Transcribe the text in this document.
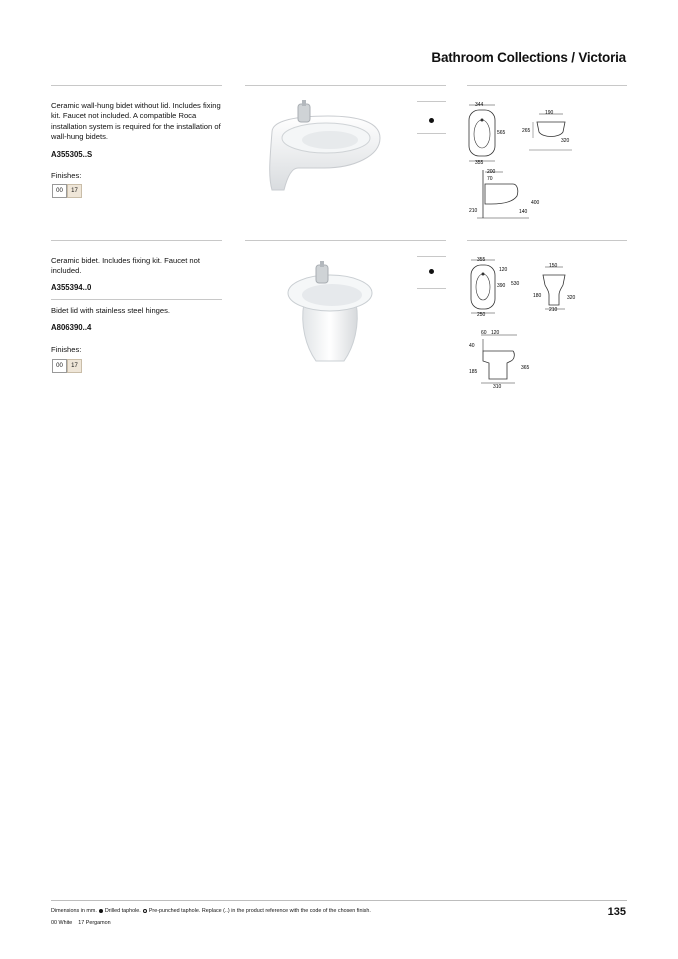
Bathroom Collections / Victoria
Ceramic wall-hung bidet without lid. Includes fixing kit. Faucet not included. A compatible Roca installation system is required for the installation of wall-hung bidets.
A355305..S
Finishes:
00	17
344
565
355
190
265
320
200
70
400
210	140
Ceramic bidet. Includes fixing kit. Faucet not included.
A355394..0
Bidet lid with stainless steel hinges.
A806390..4
Finishes:
00	17
355
120
390 530
250
150
180	320
210
60 120
40
185
365
310
Dimensions in mm. Drilled taphole. Pre-punched taphole. Replace (..) in the product reference with the code of the chosen finish.
00 White    17 Pergamon
135
